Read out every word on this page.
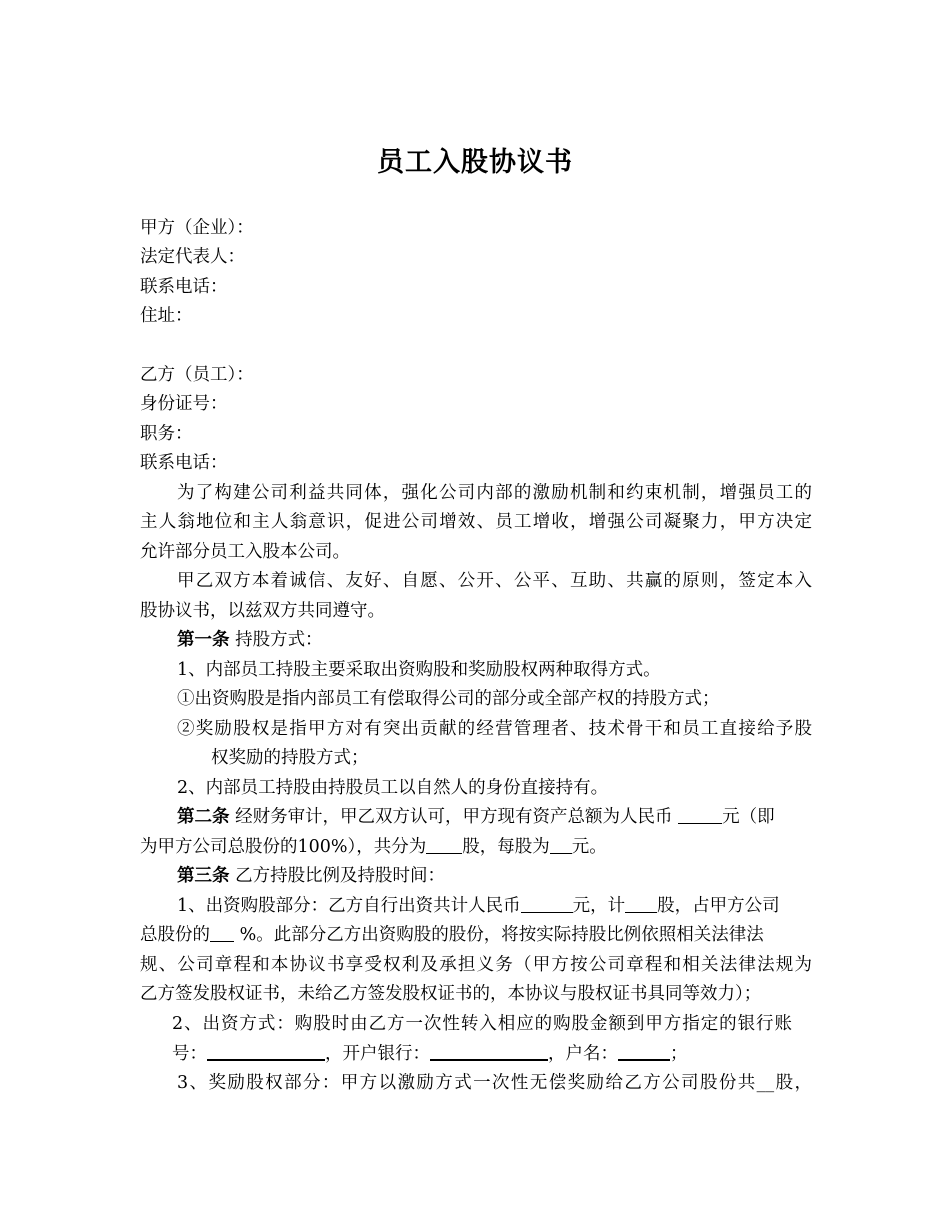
员工入股协议书
甲方（企业）：
法定代表人：
联系电话：
住址：
乙方（员工）：
身份证号：
职务：
联系电话：
为了构建公司利益共同体，强化公司内部的激励机制和约束机制，增强员工的
主人翁地位和主人翁意识，促进公司增效、员工增收，增强公司凝聚力，甲方决定
允许部分员工入股本公司。
甲乙双方本着诚信、友好、自愿、公开、公平、互助、共赢的原则，签定本入
股协议书，以兹双方共同遵守。
第一条 持股方式：
1、内部员工持股主要采取出资购股和奖励股权两种取得方式。
①出资购股是指内部员工有偿取得公司的部分或全部产权的持股方式；
②奖励股权是指甲方对有突出贡献的经营管理者、技术骨干和员工直接给予股
权奖励的持股方式；
2、内部员工持股由持股员工以自然人的身份直接持有。
第二条 经财务审计，甲乙双方认可，甲方现有资产总额为人民币	元（即
为甲方公司总股份的100%），共分为 股，每股为 元。
第三条 乙方持股比例及持股时间：
1、出资购股部分：乙方自行出资共计人民币	元，计 股，占甲方公司
总股份的 %。此部分乙方出资购股的股份，将按实际持股比例依照相关法律法
规、公司章程和本协议书享受权利及承担义务（甲方按公司章程和相关法律法规为
乙方签发股权证书，未给乙方签发股权证书的，本协议与股权证书具同等效力）；
2、出资方式：购股时由乙方一次性转入相应的购股金额到甲方指定的银行账
号：	，开户银行：	，户名：	；
3、奖励股权部分：甲方以激励方式一次性无偿奖励给乙方公司股份共__股，
